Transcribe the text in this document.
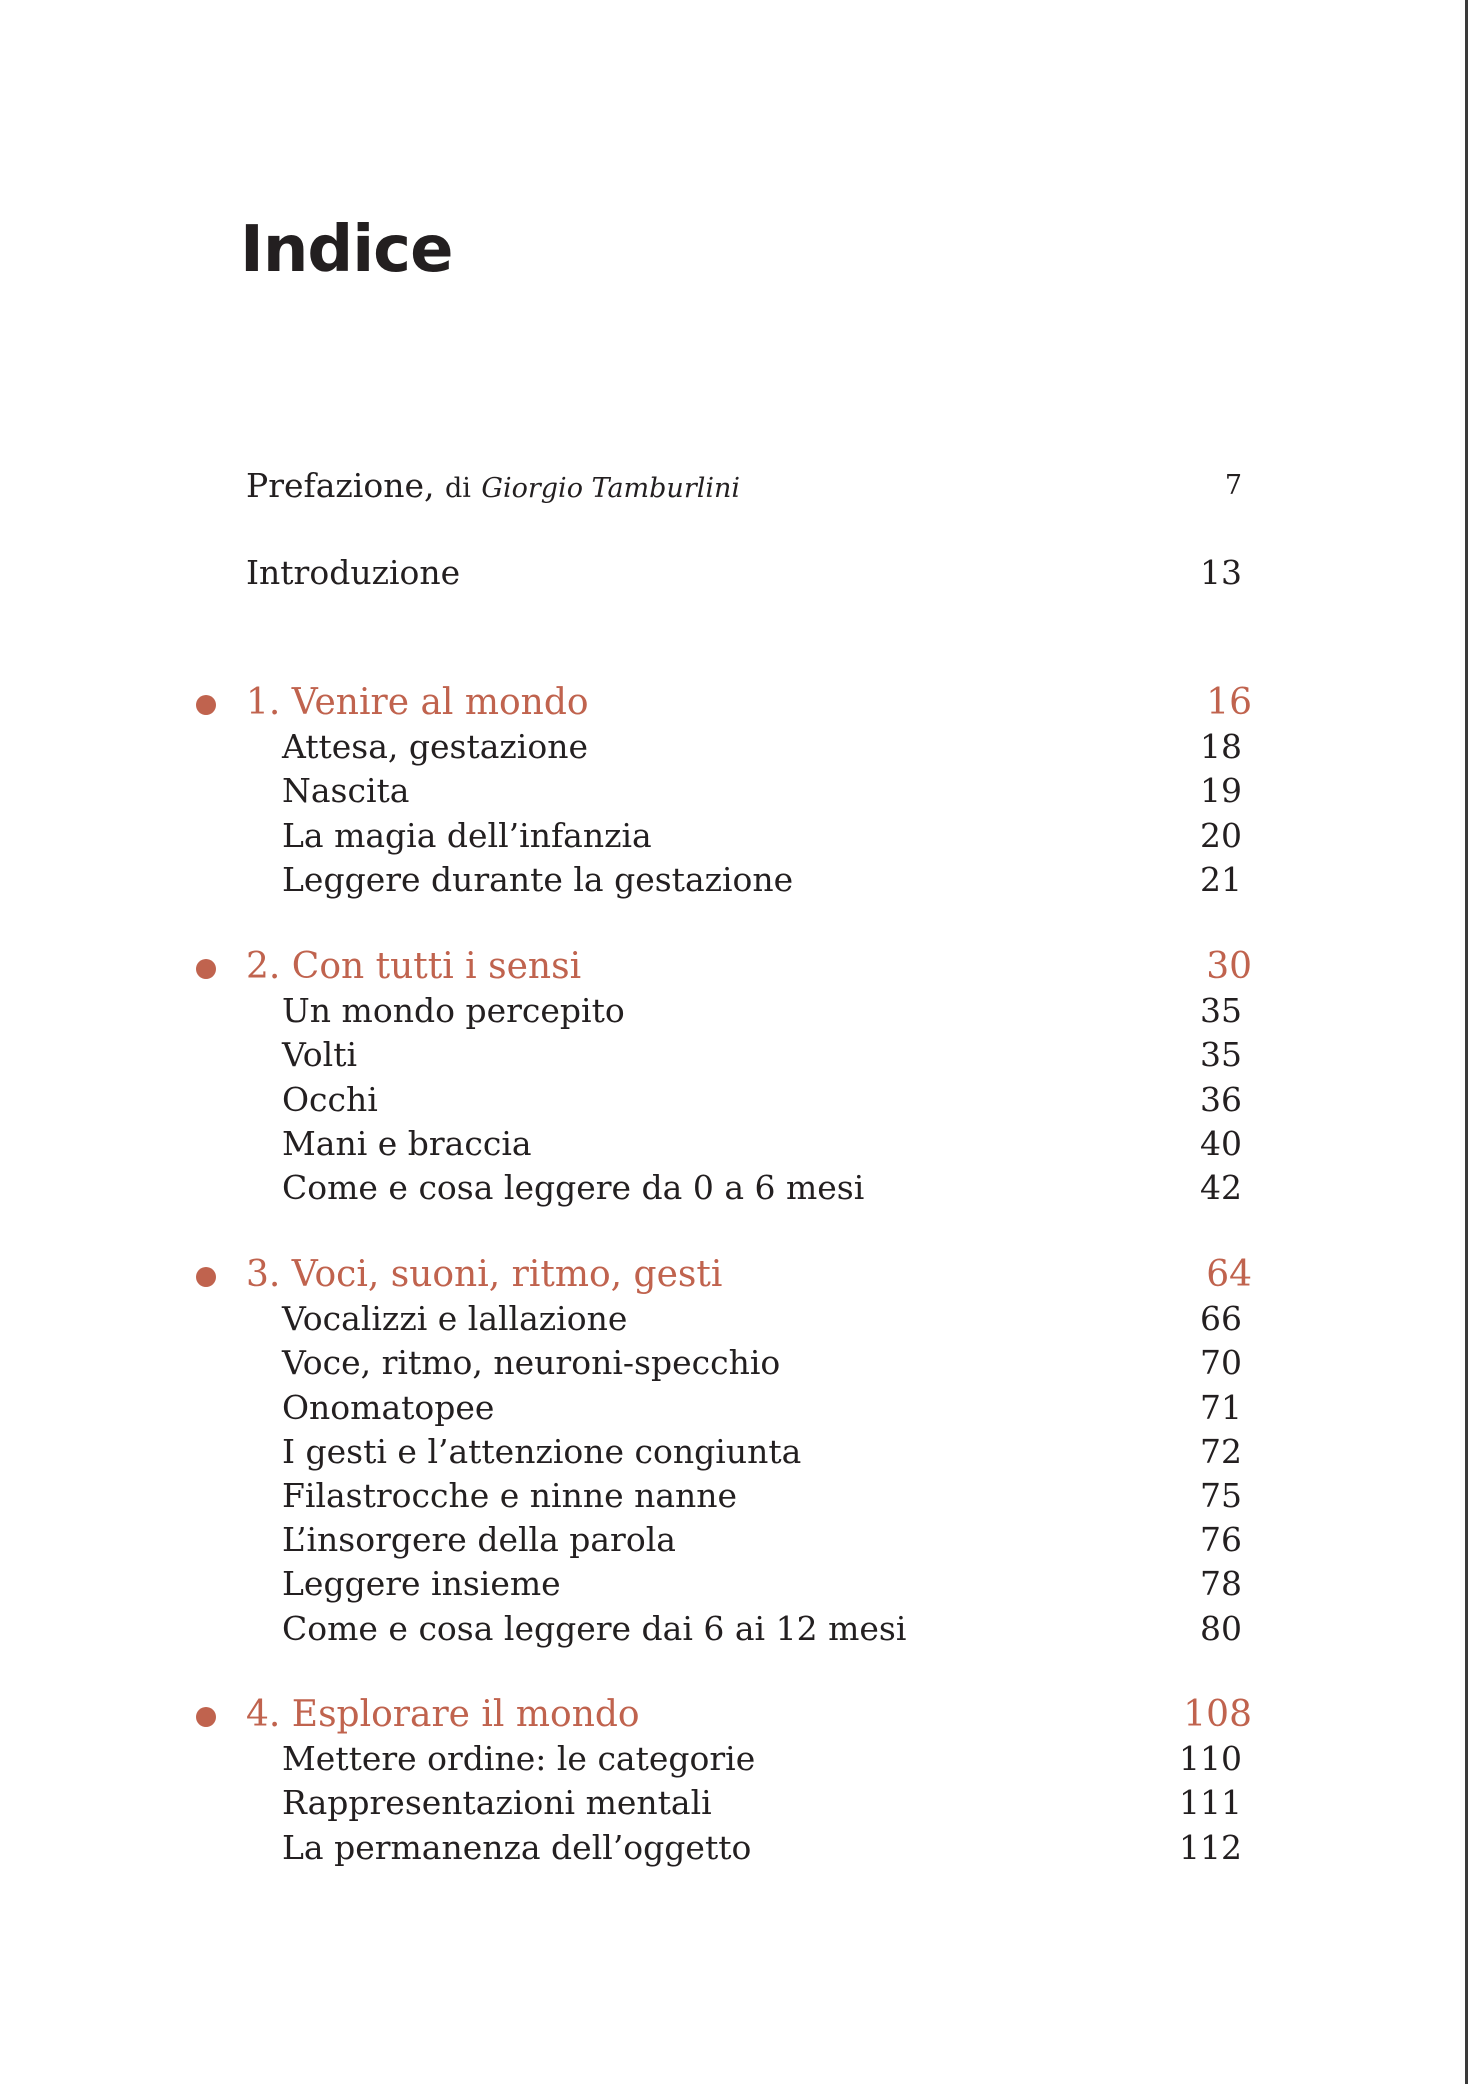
Indice
Prefazione, di Giorgio Tamburlini	7
Introduzione	13
1. Venire al mondo	16
Attesa, gestazione	18
Nascita	19
La magia dell’infanzia	20
Leggere durante la gestazione	21
2. Con tutti i sensi	30
Un mondo percepito	35
Volti	35
Occhi	36
Mani e braccia	40
Come e cosa leggere da 0 a 6 mesi	42
3. Voci, suoni, ritmo, gesti	64
Vocalizzi e lallazione	66
Voce, ritmo, neuroni-specchio	70
Onomatopee	71
I gesti e l’attenzione congiunta	72
Filastrocche e ninne nanne	75
L’insorgere della parola	76
Leggere insieme	78
Come e cosa leggere dai 6 ai 12 mesi	80
4. Esplorare il mondo	108
Mettere ordine: le categorie	110
Rappresentazioni mentali	111
La permanenza dell’oggetto	112
